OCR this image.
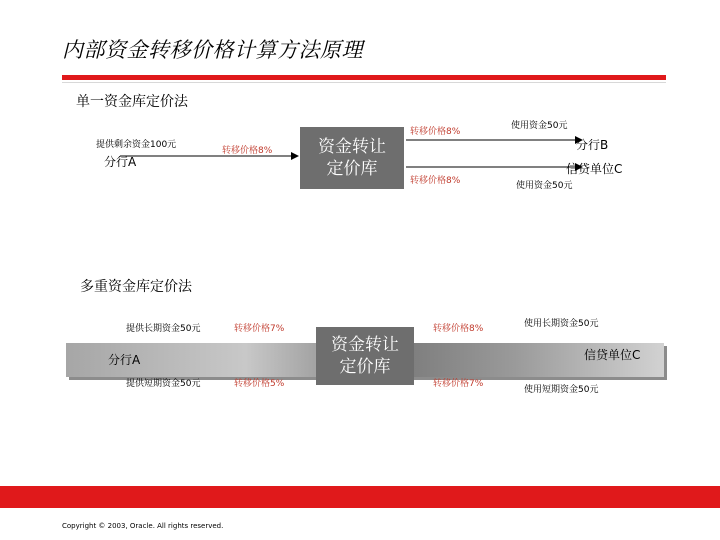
内部资金转移价格计算方法原理
单一资金库定价法
提供剩余资金100元
分行A
转移价格8%	资金转让
定价库
转移价格8%
转移价格8%
使用资金50元
分行B
信贷单位C
使用资金50元
多重资金库定价法
提供长期资金50元	转移价格7%
分行A
提供短期资金50元	转移价格5%
资金转让
定价库
转移价格8%
转移价格7%
使用长期资金50元
信贷单位C
使用短期资金50元
Copyright © 2003, Oracle. All rights reserved.
